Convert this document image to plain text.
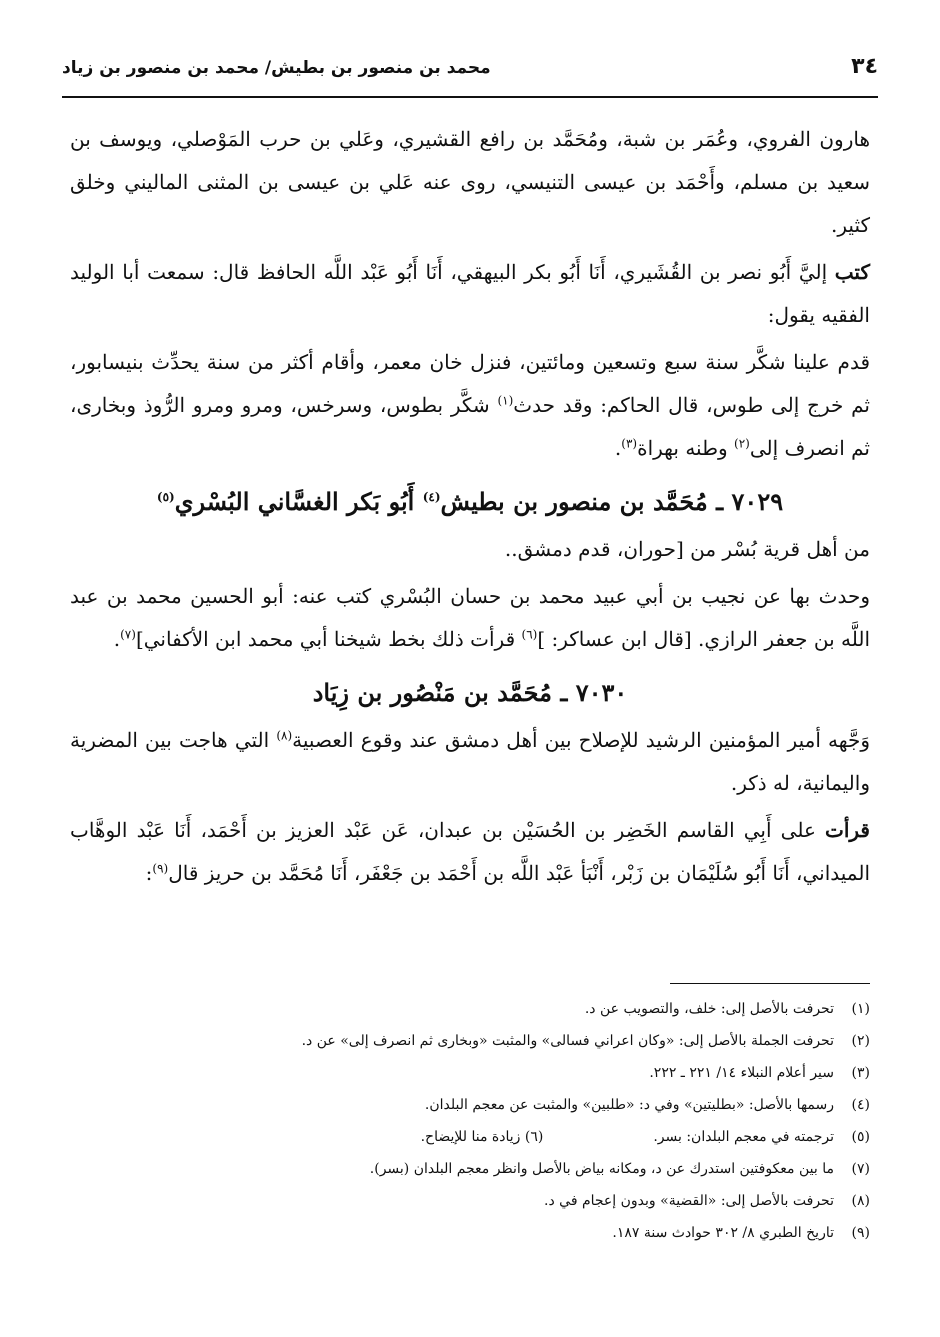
٣٤
محمد بن منصور بن بطيش/ محمد بن منصور بن زياد

هارون الفروي، وعُمَر بن شبة، ومُحَمَّد بن رافع القشيري، وعَلي بن حرب المَوْصلي، ويوسف بن سعيد بن مسلم، وأَحْمَد بن عيسى التنيسي، روى عنه عَلي بن عيسى بن المثنى الماليني وخلق كثير.

كتب إليَّ أَبُو نصر بن القُشَيري، أَنَا أَبُو بكر البيهقي، أَنَا أَبُو عَبْد اللَّه الحافظ قال: سمعت أبا الوليد الفقيه يقول:

قدم علينا شكَّر سنة سبع وتسعين ومائتين، فنزل خان معمر، وأقام أكثر من سنة يحدِّث بنيسابور، ثم خرج إلى طوس، قال الحاكم: وقد حدث$^{(١)}$ شكَّر بطوس، وسرخس، ومرو ومرو الرُّوذ وبخارى، ثم انصرف إلى$^{(٢)}$ وطنه بهراة$^{(٣)}$.

٧٠٢٩ ـ مُحَمَّد بن منصور بن بطيش$^{(٤)}$ أَبُو بَكر الغسَّاني البُسْري$^{(٥)}$

من أهل قرية بُسْر من [حوران، قدم دمشق..

وحدث بها عن نجيب بن أبي عبيد محمد بن حسان البُسْري كتب عنه: أبو الحسين محمد بن عبد اللَّه بن جعفر الرازي. [قال ابن عساكر: ]$^{(٦)}$ قرأت ذلك بخط شيخنا أبي محمد ابن الأكفاني]$^{(٧)}$.

٧٠٣٠ ـ مُحَمَّد بن مَنْصُور بن زِيَاد

وَجَّهه أمير المؤمنين الرشيد للإصلاح بين أهل دمشق عند وقوع العصبية$^{(٨)}$ التي هاجت بين المضرية واليمانية، له ذكر.

قرأت على أَبِي القاسم الخَضِر بن الحُسَيْن بن عبدان، عَن عَبْد العزيز بن أَحْمَد، أَنَا عَبْد الوهَّاب الميداني، أَنَا أَبُو سُلَيْمَان بن زَبْر، أَنْبَأ عَبْد اللَّه بن أَحْمَد بن جَعْفَر، أَنَا مُحَمَّد بن حريز قال$^{(٩)}$:

(١)
تحرفت بالأصل إلى: خلف، والتصويب عن د.
(٢)
تحرفت الجملة بالأصل إلى: «وكان اعراني فسالى» والمثبت «وبخارى ثم انصرف إلى» عن د.
(٣)
سير أعلام النبلاء ١٤/ ٢٢١ ـ ٢٢٢.
(٤)
رسمها بالأصل: «بطليتين» وفي د: «طلبين» والمثبت عن معجم البلدان.
(٥)
ترجمته في معجم البلدان: بسر.
(٦) زيادة منا للإيضاح.
(٧)
ما بين معكوفتين استدرك عن د، ومكانه بياض بالأصل وانظر معجم البلدان (بسر).
(٨)
تحرفت بالأصل إلى: «القضية» وبدون إعجام في د.
(٩)
تاريخ الطبري ٨/ ٣٠٢ حوادث سنة ١٨٧.
